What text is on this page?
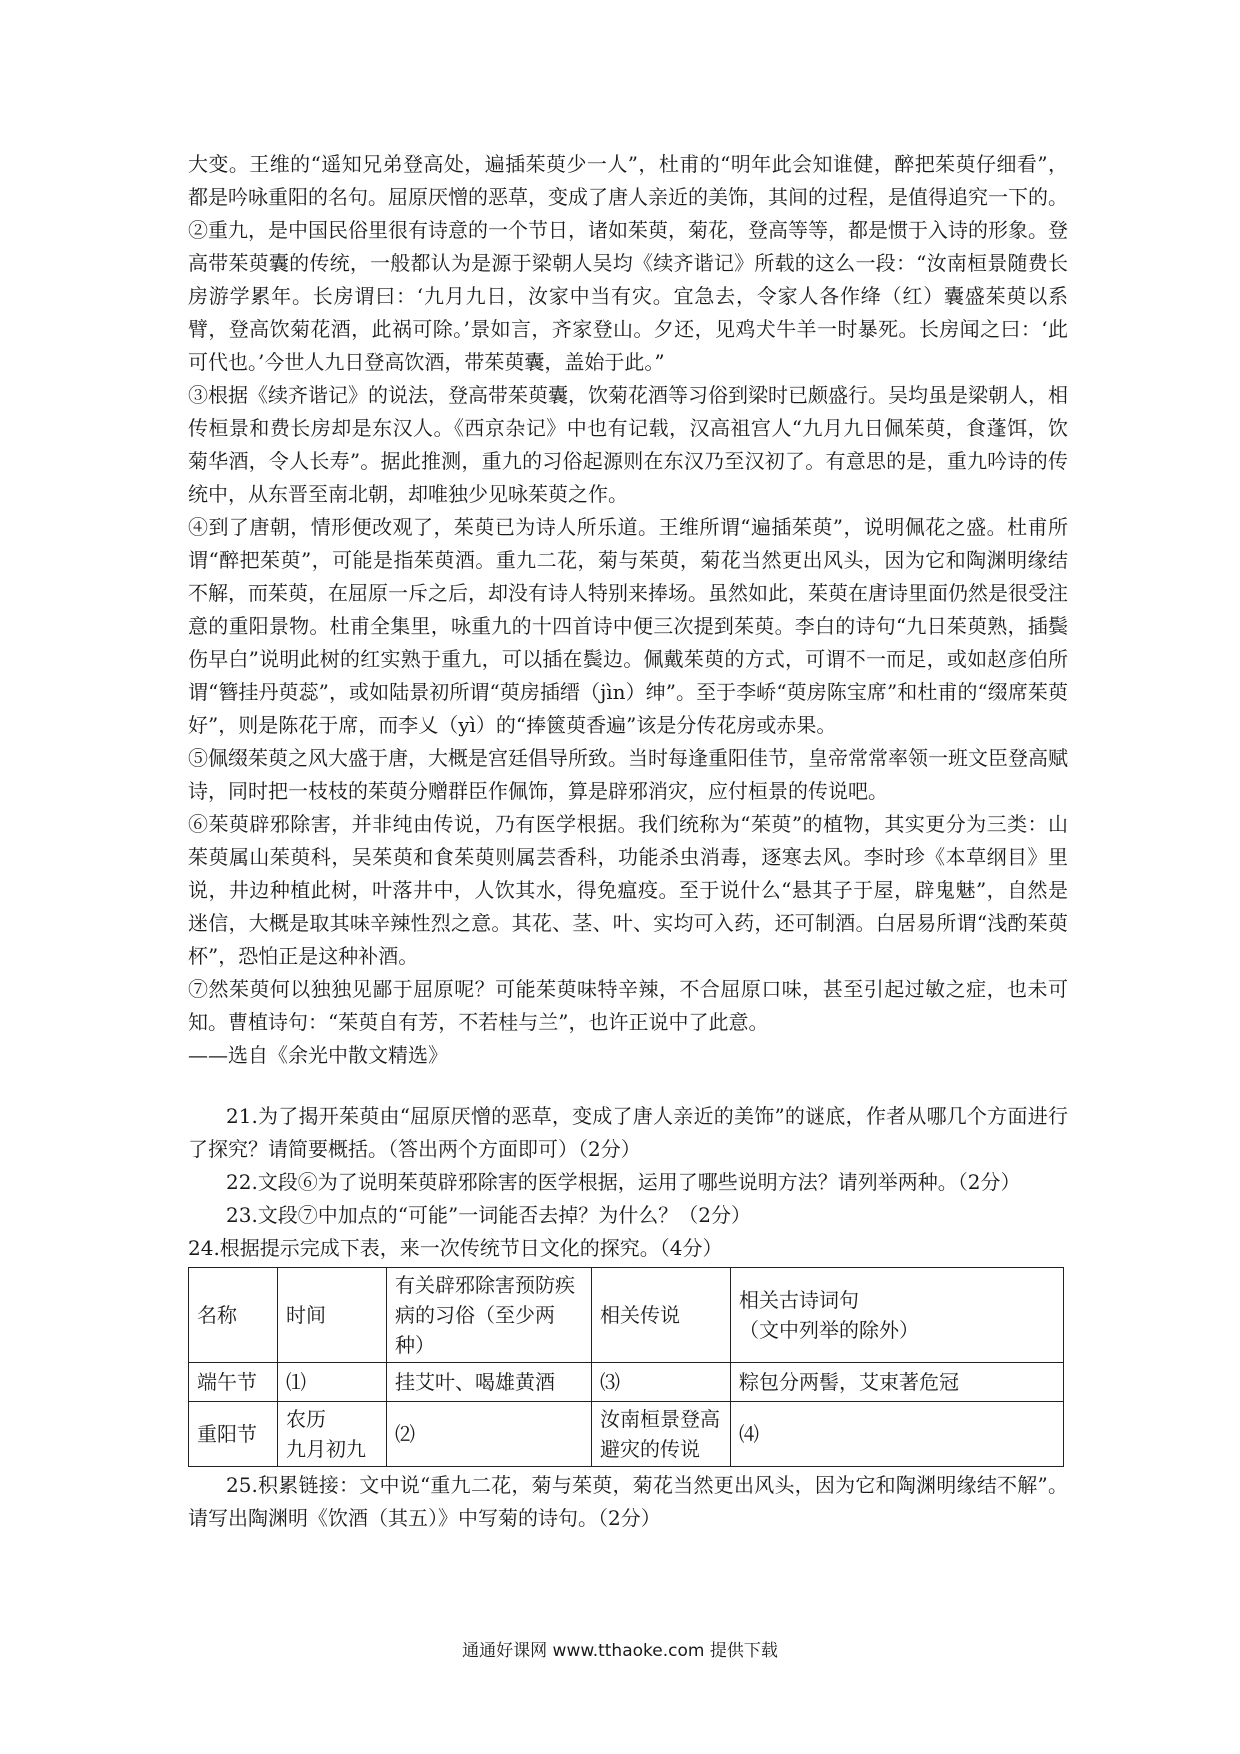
大变。王维的“遥知兄弟登高处，遍插茱萸少一人”，杜甫的“明年此会知谁健，醉把茱萸仔细看”，都是吟咏重阳的名句。屈原厌憎的恶草，变成了唐人亲近的美饰，其间的过程，是值得追究一下的。

②重九，是中国民俗里很有诗意的一个节日，诸如茱萸，菊花，登高等等，都是惯于入诗的形象。登高带茱萸囊的传统，一般都认为是源于梁朝人吴均《续齐谐记》所载的这么一段：“汝南桓景随费长房游学累年。长房谓曰：‘九月九日，汝家中当有灾。宜急去，令家人各作绛（红）囊盛茱萸以系臂，登高饮菊花酒，此祸可除。’景如言，齐家登山。夕还，见鸡犬牛羊一时暴死。长房闻之曰：‘此可代也。’今世人九日登高饮酒，带茱萸囊，盖始于此。”

③根据《续齐谐记》的说法，登高带茱萸囊，饮菊花酒等习俗到梁时已颇盛行。吴均虽是梁朝人，相传桓景和费长房却是东汉人。《西京杂记》中也有记载，汉高祖宫人“九月九日佩茱萸，食蓬饵，饮菊华酒，令人长寿”。据此推测，重九的习俗起源则在东汉乃至汉初了。有意思的是，重九吟诗的传统中，从东晋至南北朝，却唯独少见咏茱萸之作。

④到了唐朝，情形便改观了，茱萸已为诗人所乐道。王维所谓“遍插茱萸”，说明佩花之盛。杜甫所谓“醉把茱萸”，可能是指茱萸酒。重九二花，菊与茱萸，菊花当然更出风头，因为它和陶渊明缘结不解，而茱萸，在屈原一斥之后，却没有诗人特别来捧场。虽然如此，茱萸在唐诗里面仍然是很受注意的重阳景物。杜甫全集里，咏重九的十四首诗中便三次提到茱萸。李白的诗句“九日茱萸熟，插鬓伤早白”说明此树的红实熟于重九，可以插在鬓边。佩戴茱萸的方式，可谓不一而足，或如赵彦伯所谓“簪挂丹萸蕊”，或如陆景初所谓“萸房插缙（jìn）绅”。至于李峤“萸房陈宝席”和杜甫的“缀席茱萸好”，则是陈花于席，而李乂（yì）的“捧篋萸香遍”该是分传花房或赤果。

⑤佩缀茱萸之风大盛于唐，大概是宫廷倡导所致。当时每逢重阳佳节，皇帝常常率领一班文臣登高赋诗，同时把一枝枝的茱萸分赠群臣作佩饰，算是辟邪消灾，应付桓景的传说吧。

⑥茱萸辟邪除害，并非纯由传说，乃有医学根据。我们统称为“茱萸”的植物，其实更分为三类：山茱萸属山茱萸科，吴茱萸和食茱萸则属芸香科，功能杀虫消毒，逐寒去风。李时珍《本草纲目》里说，井边种植此树，叶落井中，人饮其水，得免瘟疫。至于说什么“悬其子于屋，辟鬼魅”，自然是迷信，大概是取其味辛辣性烈之意。其花、茎、叶、实均可入药，还可制酒。白居易所谓“浅酌茱萸杯”，恐怕正是这种补酒。

⑦然茱萸何以独独见鄙于屈原呢？可能茱萸味特辛辣，不合屈原口味，甚至引起过敏之症，也未可知。曹植诗句：“茱萸自有芳，不若桂与兰”，也许正说中了此意。

——选自《余光中散文精选》

21.为了揭开茱萸由“屈原厌憎的恶草，变成了唐人亲近的美饰”的谜底，作者从哪几个方面进行了探究？请简要概括。（答出两个方面即可）（2分）

22.文段⑥为了说明茱萸辟邪除害的医学根据，运用了哪些说明方法？请列举两种。（2分）

23.文段⑦中加点的“可能”一词能否去掉？为什么？（2分）

24.根据提示完成下表，来一次传统节日文化的探究。（4分）

名称	时间	有关辟邪除害预防疾病的习俗（至少两种）	相关传说	相关古诗词句
（文中列举的除外）

端午节	⑴	挂艾叶、喝雄黄酒	⑶	粽包分两髻，艾束著危冠
重阳节	农历
九月初九	⑵	汝南桓景登高避灾的传说	⑷

25.积累链接：文中说“重九二花，菊与茱萸，菊花当然更出风头，因为它和陶渊明缘结不解”。请写出陶渊明《饮酒（其五）》中写菊的诗句。（2分）

通通好课网 www.tthaoke.com 提供下载
